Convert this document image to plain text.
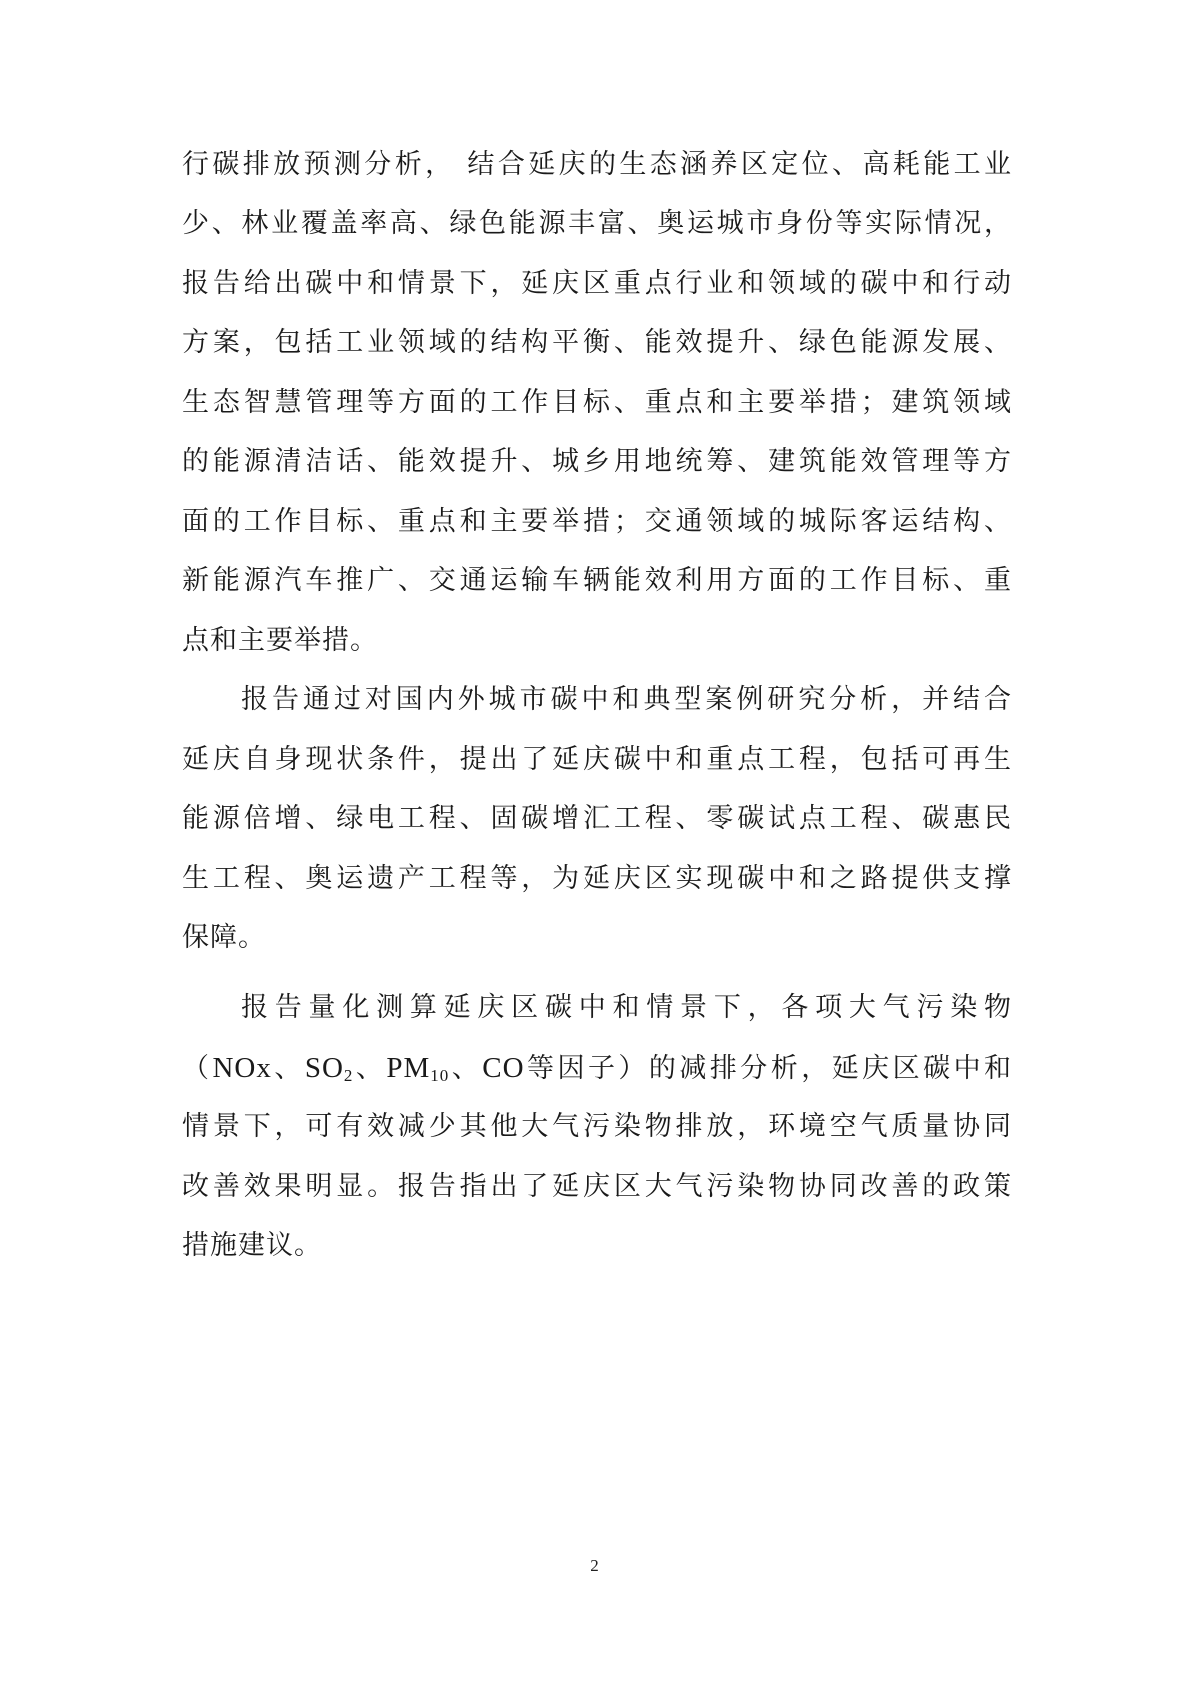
行碳排放预测分析， 结合延庆的生态涵养区定位、高耗能工业
少、林业覆盖率高、绿色能源丰富、奥运城市身份等实际情况，
报告给出碳中和情景下，延庆区重点行业和领域的碳中和行动
方案，包括工业领域的结构平衡、能效提升、绿色能源发展、
生态智慧管理等方面的工作目标、重点和主要举措；建筑领域
的能源清洁话、能效提升、城乡用地统筹、建筑能效管理等方
面的工作目标、重点和主要举措；交通领域的城际客运结构、
新能源汽车推广、交通运输车辆能效利用方面的工作目标、重
点和主要举措。
报告通过对国内外城市碳中和典型案例研究分析，并结合
延庆自身现状条件，提出了延庆碳中和重点工程，包括可再生
能源倍增、绿电工程、固碳增汇工程、零碳试点工程、碳惠民
生工程、奥运遗产工程等，为延庆区实现碳中和之路提供支撑
保障。
报告量化测算延庆区碳中和情景下，各项大气污染物
（NOx、$SO_2$、$PM_{10}$、CO等因子）的减排分析，延庆区碳中和
情景下，可有效减少其他大气污染物排放，环境空气质量协同
改善效果明显。报告指出了延庆区大气污染物协同改善的政策
措施建议。
2
